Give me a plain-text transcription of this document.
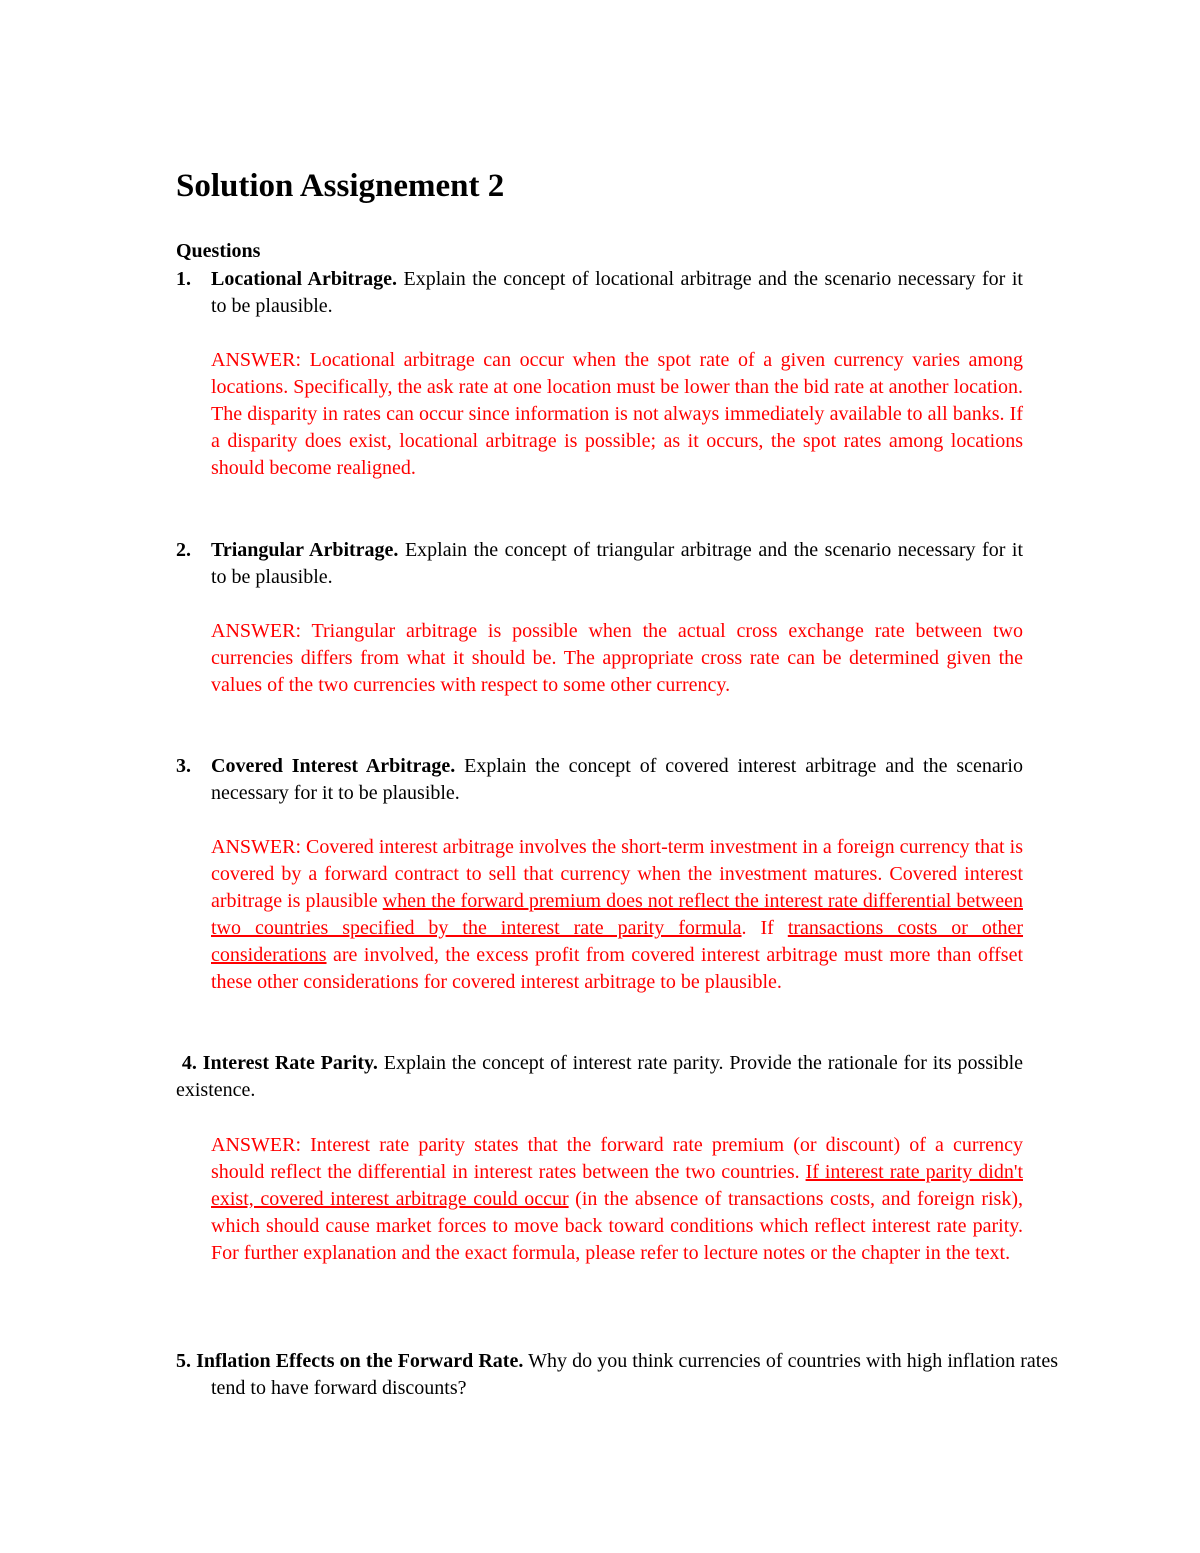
Solution Assignement 2
Questions
1. Locational Arbitrage. Explain the concept of locational arbitrage and the scenario necessary for it to be plausible.

ANSWER: Locational arbitrage can occur when the spot rate of a given currency varies among locations. Specifically, the ask rate at one location must be lower than the bid rate at another location. The disparity in rates can occur since information is not always immediately available to all banks. If a disparity does exist, locational arbitrage is possible; as it occurs, the spot rates among locations should become realigned.

2. Triangular Arbitrage. Explain the concept of triangular arbitrage and the scenario necessary for it to be plausible.

ANSWER: Triangular arbitrage is possible when the actual cross exchange rate between two currencies differs from what it should be. The appropriate cross rate can be determined given the values of the two currencies with respect to some other currency.

3. Covered Interest Arbitrage. Explain the concept of covered interest arbitrage and the scenario necessary for it to be plausible.

ANSWER: Covered interest arbitrage involves the short-term investment in a foreign currency that is covered by a forward contract to sell that currency when the investment matures. Covered interest arbitrage is plausible when the forward premium does not reflect the interest rate differential between two countries specified by the interest rate parity formula. If transactions costs or other considerations are involved, the excess profit from covered interest arbitrage must more than offset these other considerations for covered interest arbitrage to be plausible.

4. Interest Rate Parity. Explain the concept of interest rate parity. Provide the rationale for its possible existence.

ANSWER: Interest rate parity states that the forward rate premium (or discount) of a currency should reflect the differential in interest rates between the two countries. If interest rate parity didn't exist, covered interest arbitrage could occur (in the absence of transactions costs, and foreign risk), which should cause market forces to move back toward conditions which reflect interest rate parity. For further explanation and the exact formula, please refer to lecture notes or the chapter in the text.

5. Inflation Effects on the Forward Rate. Why do you think currencies of countries with high inflation rates tend to have forward discounts?
